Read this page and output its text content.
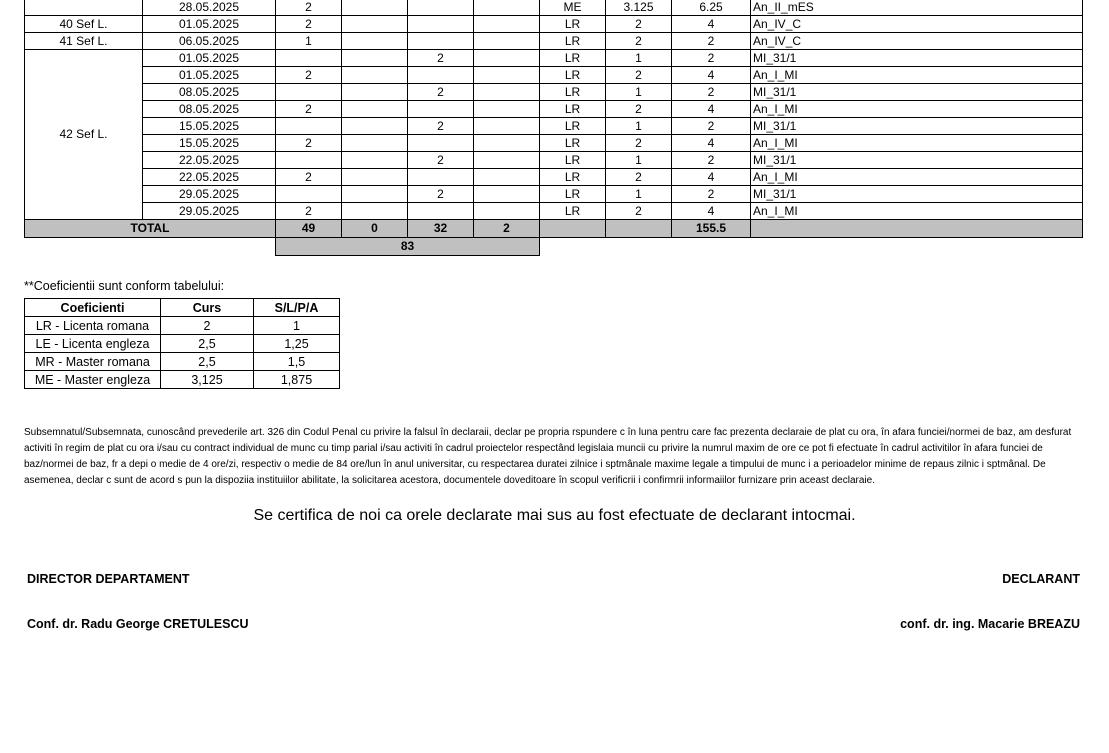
	28.05.2025	2				ME	3.125	6.25	An_II_mES
40 Sef L.	01.05.2025	2				LR	2	4	An_IV_C
41 Sef L.	06.05.2025	1				LR	2	2	An_IV_C
42 Sef L.	01.05.2025			2		LR	1	2	MI_31/1
	01.05.2025	2				LR	2	4	An_I_MI
	08.05.2025			2		LR	1	2	MI_31/1
	08.05.2025	2				LR	2	4	An_I_MI
	15.05.2025			2		LR	1	2	MI_31/1
	15.05.2025	2				LR	2	4	An_I_MI
	22.05.2025			2		LR	1	2	MI_31/1
	22.05.2025	2				LR	2	4	An_I_MI
	29.05.2025			2		LR	1	2	MI_31/1
	29.05.2025	2				LR	2	4	An_I_MI
TOTAL		49	0	32	2			155.5	
		83							
**Coeficientii sunt conform tabelului:
Coeficienti	Curs	S/L/P/A
LR - Licenta romana	2	1
LE - Licenta engleza	2,5	1,25
MR - Master romana	2,5	1,5
ME - Master engleza	3,125	1,875
Subsemnatul/Subsemnata, cunoscând prevederile art. 326 din Codul Penal cu privire la falsul în declaraii, declar pe propria rspundere c în luna pentru care fac prezenta declaraie de plat cu ora, în afara funciei/normei de baz, am desfurat activiti în regim de plat cu ora i/sau cu contract individual de munc cu timp parial i/sau activiti în cadrul proiectelor respectând legislaia muncii cu privire la numrul maxim de ore ce pot fi efectuate în cadrul activitilor în afara funciei de baz/normei de baz, fr a depi o medie de 4 ore/zi, respectiv o medie de 84 ore/lun în anul universitar, cu respectarea duratei zilnice i sptmânale maxime legale a timpului de munc i a perioadelor minime de repaus zilnic i sptmânal. De asemenea, declar c sunt de acord s pun la dispoziia instituiilor abilitate, la solicitarea acestora, documentele doveditoare în scopul verificrii i confirmrii informaiilor furnizare prin aceast declaraie.
Se certifica de noi ca orele declarate mai sus au fost efectuate de declarant intocmai.
DIRECTOR DEPARTAMENT	DECLARANT
Conf. dr. Radu George CRETULESCU	conf. dr. ing. Macarie BREAZU
